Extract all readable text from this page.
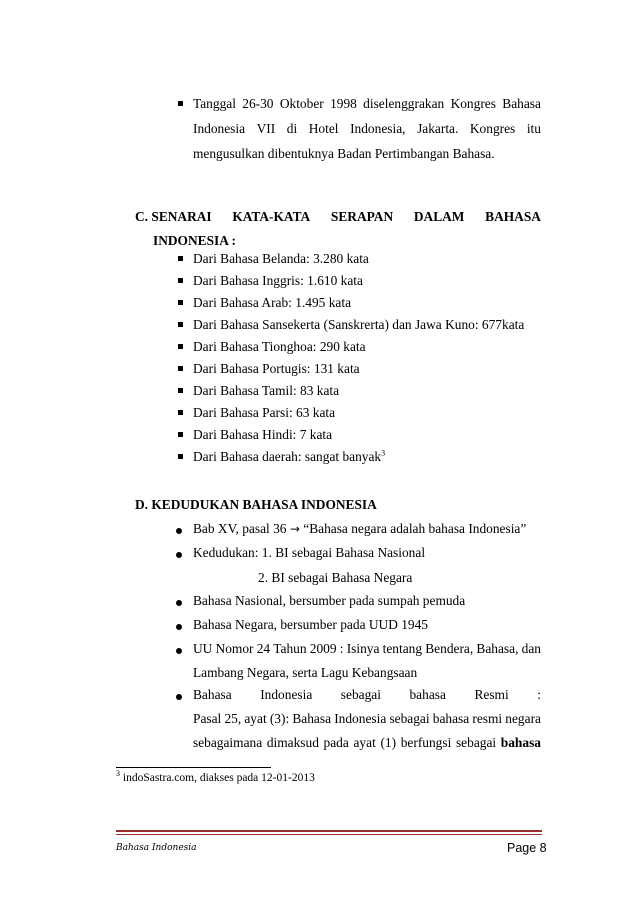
Tanggal 26-30 Oktober 1998 diselenggrakan Kongres Bahasa
Indonesia VII di Hotel Indonesia, Jakarta. Kongres itu
mengusulkan dibentuknya Badan Pertimbangan Bahasa.
C. SENARAI KATA-KATA SERAPAN DALAM BAHASA
INDONESIA :
Dari Bahasa Belanda: 3.280 kata
Dari Bahasa Inggris: 1.610 kata
Dari Bahasa Arab: 1.495 kata
Dari Bahasa Sansekerta (Sanskrerta) dan Jawa Kuno: 677kata
Dari Bahasa Tionghoa: 290 kata
Dari Bahasa Portugis: 131 kata
Dari Bahasa Tamil: 83 kata
Dari Bahasa Parsi: 63 kata
Dari Bahasa Hindi: 7 kata
Dari Bahasa daerah: sangat banyak$^3$
D. KEDUDUKAN BAHASA INDONESIA
Bab XV, pasal 36 → “Bahasa negara adalah bahasa Indonesia”
Kedudukan: 1. BI sebagai Bahasa Nasional
2. BI sebagai Bahasa Negara
Bahasa Nasional, bersumber pada sumpah pemuda
Bahasa Negara, bersumber pada UUD 1945
UU Nomor 24 Tahun 2009 : Isinya tentang Bendera, Bahasa, dan
Lambang Negara, serta Lagu Kebangsaan
Bahasa Indonesia sebagai bahasa Resmi :
Pasal 25, ayat (3): Bahasa Indonesia sebagai bahasa resmi negara
sebagaimana dimaksud pada ayat (1) berfungsi sebagai bahasa
$^3$ indoSastra.com, diakses pada 12-01-2013
Bahasa Indonesia	Page 8
